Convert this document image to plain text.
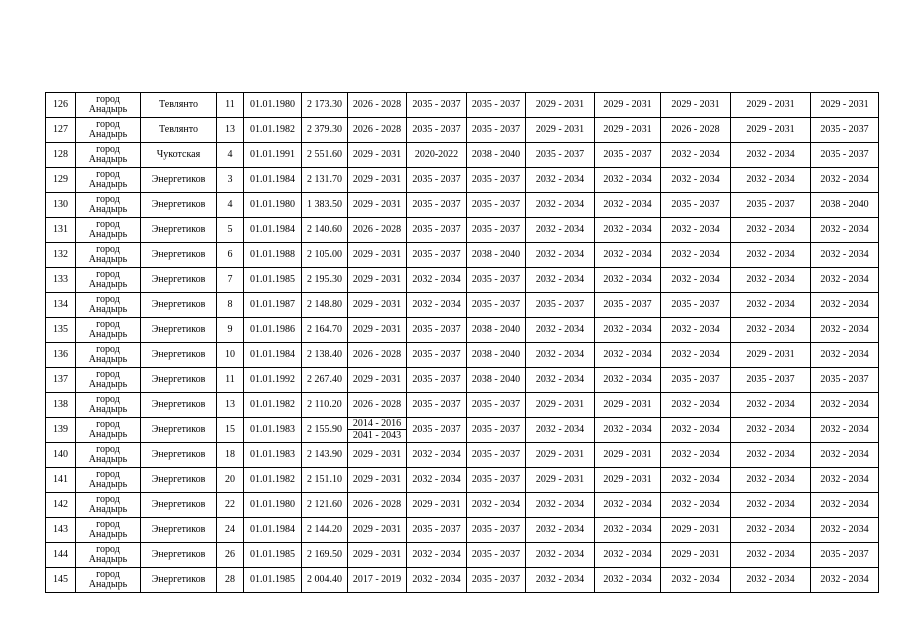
126	город
Анадырь	Тевлянто	11	01.01.1980	2 173.30	2026 - 2028	2035 - 2037	2035 - 2037	2029 - 2031	2029 - 2031	2029 - 2031	2029 - 2031	2029 - 2031
127	город
Анадырь	Тевлянто	13	01.01.1982	2 379.30	2026 - 2028	2035 - 2037	2035 - 2037	2029 - 2031	2029 - 2031	2026 - 2028	2029 - 2031	2035 - 2037
128	город
Анадырь	Чукотская	4	01.01.1991	2 551.60	2029 - 2031	2020-2022	2038 - 2040	2035 - 2037	2035 - 2037	2032 - 2034	2032 - 2034	2035 - 2037
129	город
Анадырь	Энергетиков	3	01.01.1984	2 131.70	2029 - 2031	2035 - 2037	2035 - 2037	2032 - 2034	2032 - 2034	2032 - 2034	2032 - 2034	2032 - 2034
130	город
Анадырь	Энергетиков	4	01.01.1980	1 383.50	2029 - 2031	2035 - 2037	2035 - 2037	2032 - 2034	2032 - 2034	2035 - 2037	2035 - 2037	2038 - 2040
131	город
Анадырь	Энергетиков	5	01.01.1984	2 140.60	2026 - 2028	2035 - 2037	2035 - 2037	2032 - 2034	2032 - 2034	2032 - 2034	2032 - 2034	2032 - 2034
132	город
Анадырь	Энергетиков	6	01.01.1988	2 105.00	2029 - 2031	2035 - 2037	2038 - 2040	2032 - 2034	2032 - 2034	2032 - 2034	2032 - 2034	2032 - 2034
133	город
Анадырь	Энергетиков	7	01.01.1985	2 195.30	2029 - 2031	2032 - 2034	2035 - 2037	2032 - 2034	2032 - 2034	2032 - 2034	2032 - 2034	2032 - 2034
134	город
Анадырь	Энергетиков	8	01.01.1987	2 148.80	2029 - 2031	2032 - 2034	2035 - 2037	2035 - 2037	2035 - 2037	2035 - 2037	2032 - 2034	2032 - 2034
135	город
Анадырь	Энергетиков	9	01.01.1986	2 164.70	2029 - 2031	2035 - 2037	2038 - 2040	2032 - 2034	2032 - 2034	2032 - 2034	2032 - 2034	2032 - 2034
136	город
Анадырь	Энергетиков	10	01.01.1984	2 138.40	2026 - 2028	2035 - 2037	2038 - 2040	2032 - 2034	2032 - 2034	2032 - 2034	2029 - 2031	2032 - 2034
137	город
Анадырь	Энергетиков	11	01.01.1992	2 267.40	2029 - 2031	2035 - 2037	2038 - 2040	2032 - 2034	2032 - 2034	2035 - 2037	2035 - 2037	2035 - 2037
138	город
Анадырь	Энергетиков	13	01.01.1982	2 110.20	2026 - 2028	2035 - 2037	2035 - 2037	2029 - 2031	2029 - 2031	2032 - 2034	2032 - 2034	2032 - 2034
139	город
Анадырь	Энергетиков	15	01.01.1983	2 155.90	2014 - 2016
2041 - 2043	2035 - 2037	2035 - 2037	2032 - 2034	2032 - 2034	2032 - 2034	2032 - 2034	2032 - 2034
140	город
Анадырь	Энергетиков	18	01.01.1983	2 143.90	2029 - 2031	2032 - 2034	2035 - 2037	2029 - 2031	2029 - 2031	2032 - 2034	2032 - 2034	2032 - 2034
141	город
Анадырь	Энергетиков	20	01.01.1982	2 151.10	2029 - 2031	2032 - 2034	2035 - 2037	2029 - 2031	2029 - 2031	2032 - 2034	2032 - 2034	2032 - 2034
142	город
Анадырь	Энергетиков	22	01.01.1980	2 121.60	2026 - 2028	2029 - 2031	2032 - 2034	2032 - 2034	2032 - 2034	2032 - 2034	2032 - 2034	2032 - 2034
143	город
Анадырь	Энергетиков	24	01.01.1984	2 144.20	2029 - 2031	2035 - 2037	2035 - 2037	2032 - 2034	2032 - 2034	2029 - 2031	2032 - 2034	2032 - 2034
144	город
Анадырь	Энергетиков	26	01.01.1985	2 169.50	2029 - 2031	2032 - 2034	2035 - 2037	2032 - 2034	2032 - 2034	2029 - 2031	2032 - 2034	2035 - 2037
145	город
Анадырь	Энергетиков	28	01.01.1985	2 004.40	2017 - 2019	2032 - 2034	2035 - 2037	2032 - 2034	2032 - 2034	2032 - 2034	2032 - 2034	2032 - 2034
